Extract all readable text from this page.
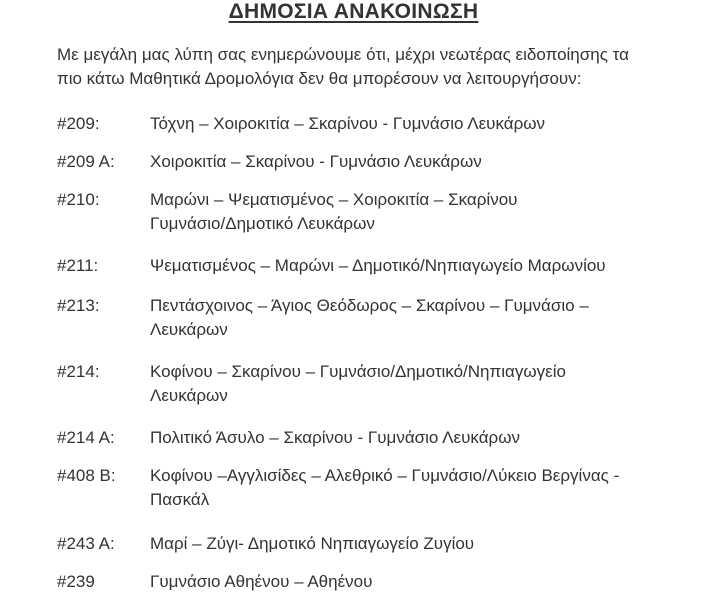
ΔΗΜΟΣΙΑ ΑΝΑΚΟΙΝΩΣΗ
Με μεγάλη μας λύπη σας ενημερώνουμε ότι, μέχρι νεωτέρας ειδοποίησης τα
πιο κάτω Μαθητικά Δρομολόγια δεν θα μπορέσουν να λειτουργήσουν:
#209:	Τόχνη – Χοιροκιτία – Σκαρίνου - Γυμνάσιο Λευκάρων
#209 Α:	Χοιροκιτία – Σκαρίνου - Γυμνάσιο Λευκάρων
#210:	Μαρώνι – Ψεματισμένος – Χοιροκιτία – Σκαρίνου
Γυμνάσιο/Δημοτικό Λευκάρων
#211:	Ψεματισμένος – Μαρώνι – Δημοτικό/Νηπιαγωγείο Μαρωνίου
#213:	Πεντάσχοινος – Άγιος Θεόδωρος – Σκαρίνου – Γυμνάσιο –
Λευκάρων
#214:	Κοφίνου – Σκαρίνου – Γυμνάσιο/Δημοτικό/Νηπιαγωγείο
Λευκάρων
#214 Α:	Πολιτικό Άσυλο – Σκαρίνου - Γυμνάσιο Λευκάρων
#408 Β:	Κοφίνου –Αγγλισίδες – Αλεθρικό – Γυμνάσιο/Λύκειο Βεργίνας -
Πασκάλ
#243 Α:	Μαρί – Ζύγι- Δημοτικό Νηπιαγωγείο Ζυγίου
#239	Γυμνάσιο Αθηένου – Αθηένου
